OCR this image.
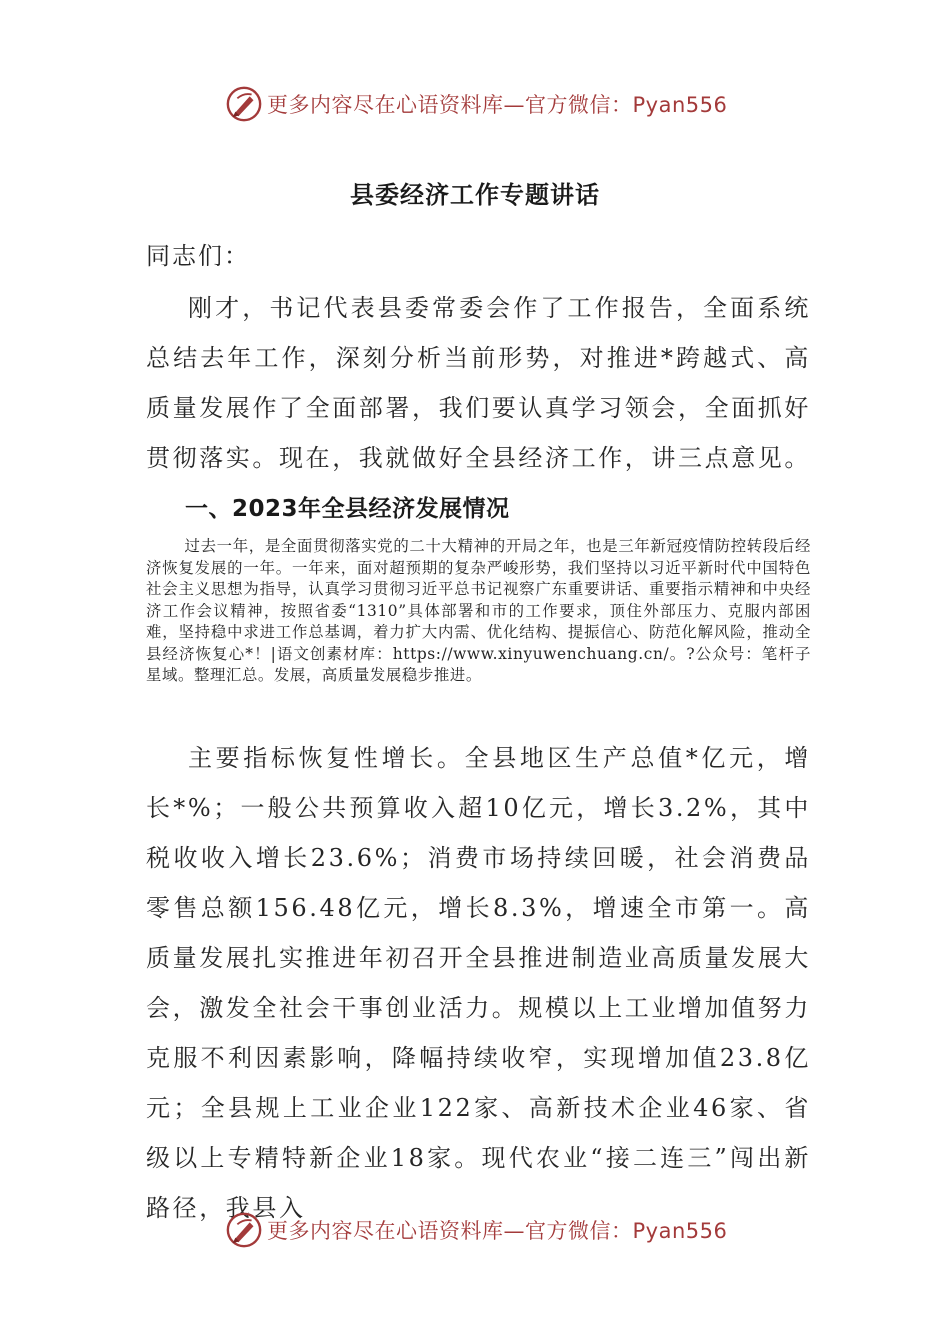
更多内容尽在心语资料库—官方微信：Pyan556
县委经济工作专题讲话
同志们：

刚才，书记代表县委常委会作了工作报告，全面系统总结去年工作，深刻分析当前形势，对推进*跨越式、高质量发展作了全面部署，我们要认真学习领会，全面抓好贯彻落实。现在，我就做好全县经济工作，讲三点意见。

一、2023年全县经济发展情况

过去一年，是全面贯彻落实党的二十大精神的开局之年，也是三年新冠疫情防控转段后经济恢复发展的一年。一年来，面对超预期的复杂严峻形势，我们坚持以习近平新时代中国特色社会主义思想为指导，认真学习贯彻习近平总书记视察广东重要讲话、重要指示精神和中央经济工作会议精神，按照省委“1310”具体部署和市的工作要求，顶住外部压力、克服内部困难，坚持稳中求进工作总基调，着力扩大内需、优化结构、提振信心、防范化解风险，推动全县经济恢复心*！|语文创素材库：https://www.xinyuwenchuang.cn/。?公众号：笔杆子星域。整理汇总。发展，高质量发展稳步推进。

主要指标恢复性增长。全县地区生产总值*亿元，增长*%；一般公共预算收入超10亿元，增长3.2%，其中税收收入增长23.6%；消费市场持续回暖，社会消费品零售总额156.48亿元，增长8.3%，增速全市第一。高质量发展扎实推进年初召开全县推进制造业高质量发展大会，激发全社会干事创业活力。规模以上工业增加值努力克服不利因素影响，降幅持续收窄，实现增加值23.8亿元；全县规上工业企业122家、高新技术企业46家、省级以上专精特新企业18家。现代农业“接二连三”闯出新路径，我县入

更多内容尽在心语资料库—官方微信：Pyan556
